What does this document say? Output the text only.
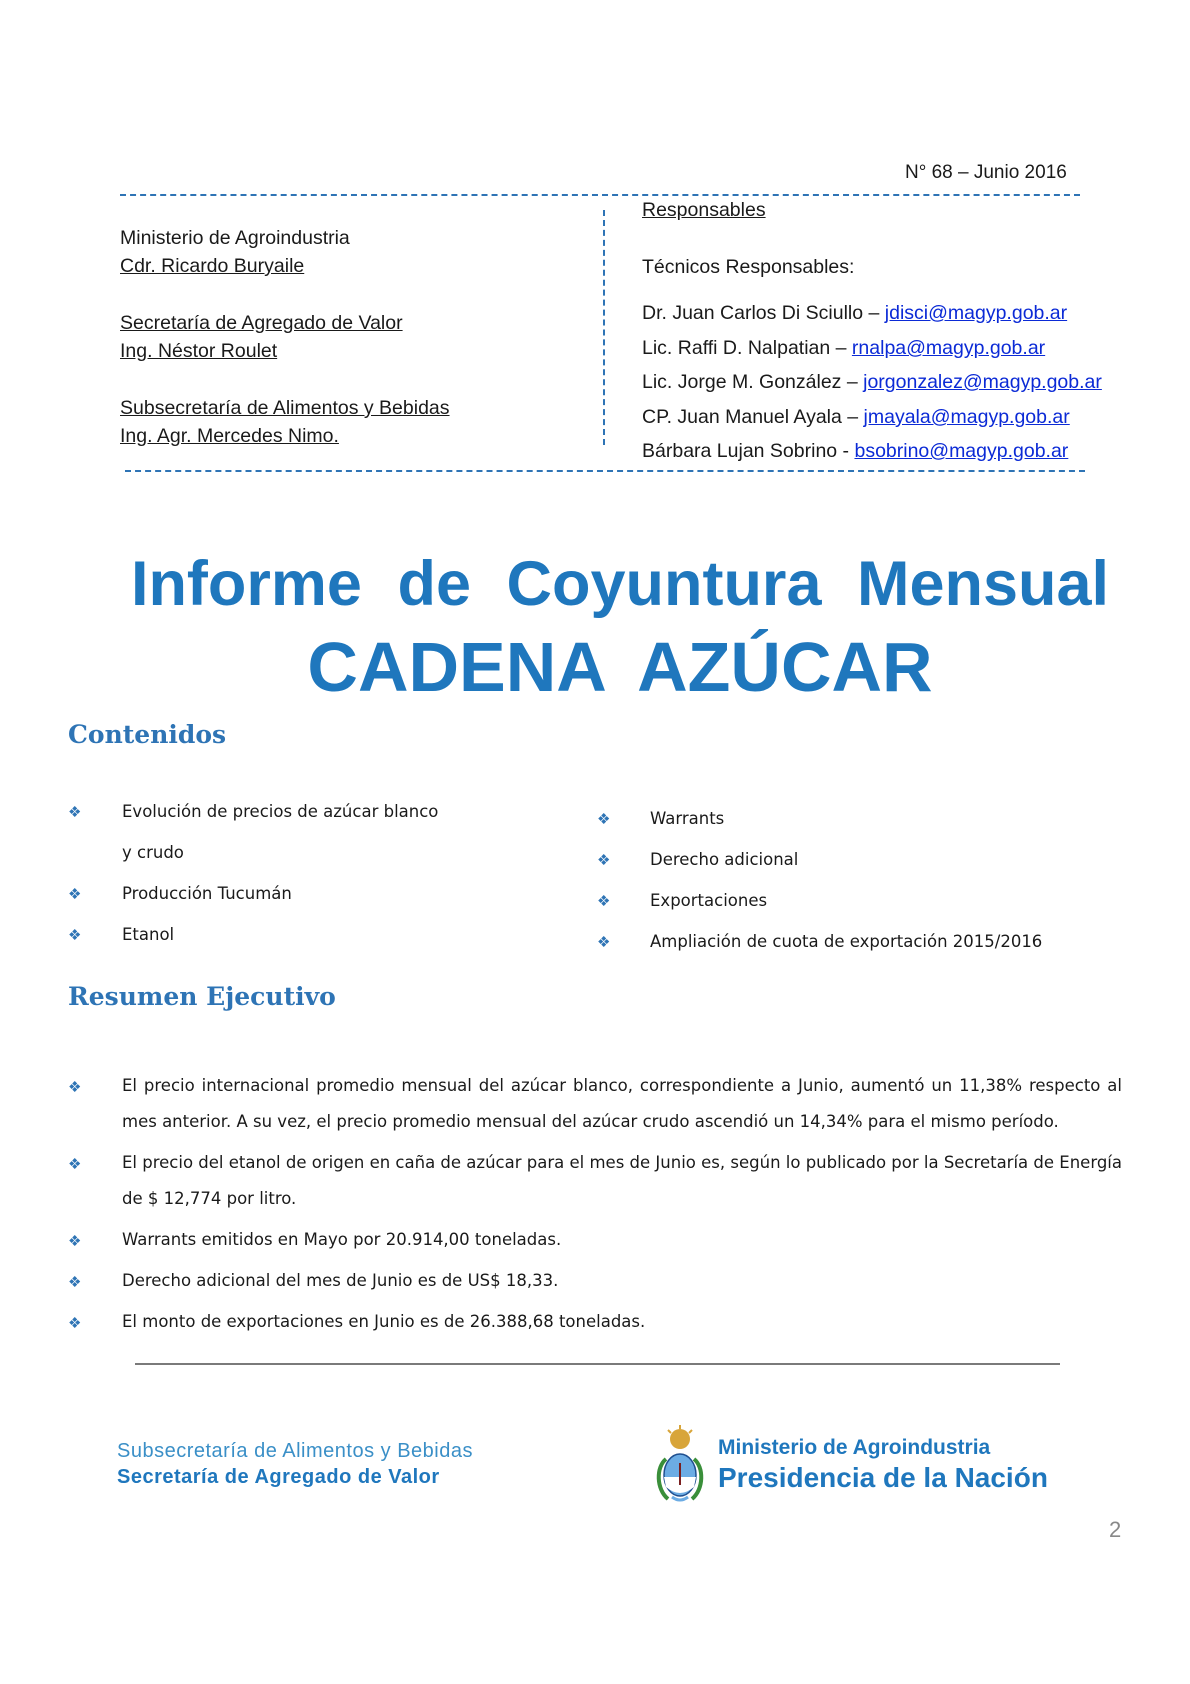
N° 68 – Junio 2016
Ministerio de Agroindustria
Cdr. Ricardo Buryaile
Secretaría de Agregado de Valor
Ing. Néstor Roulet
Subsecretaría de Alimentos y Bebidas
Ing. Agr. Mercedes Nimo.
Responsables
Técnicos Responsables:
Dr. Juan Carlos Di Sciullo – jdisci@magyp.gob.ar
Lic. Raffi D. Nalpatian – rnalpa@magyp.gob.ar
Lic. Jorge M. González – jorgonzalez@magyp.gob.ar
CP. Juan Manuel Ayala – jmayala@magyp.gob.ar
Bárbara Lujan Sobrino - bsobrino@magyp.gob.ar
Informe de Coyuntura Mensual
CADENA AZÚCAR
Contenidos
❖ Evolución de precios de azúcar blanco
y crudo
❖ Producción Tucumán
❖ Etanol
❖ Warrants
❖ Derecho adicional
❖ Exportaciones
❖ Ampliación de cuota de exportación 2015/2016
Resumen Ejecutivo
❖ El precio internacional promedio mensual del azúcar blanco, correspondiente a Junio, aumentó un 11,38% respecto al mes anterior. A su vez, el precio promedio mensual del azúcar crudo ascendió un 14,34% para el mismo período.
❖ El precio del etanol de origen en caña de azúcar para el mes de Junio es, según lo publicado por la Secretaría de Energía de $ 12,774 por litro.
❖ Warrants emitidos en Mayo por 20.914,00 toneladas.
❖ Derecho adicional del mes de Junio es de US$ 18,33.
❖ El monto de exportaciones en Junio es de 26.388,68 toneladas.
Subsecretaría de Alimentos y Bebidas
Secretaría de Agregado de Valor
Ministerio de Agroindustria
Presidencia de la Nación
2
